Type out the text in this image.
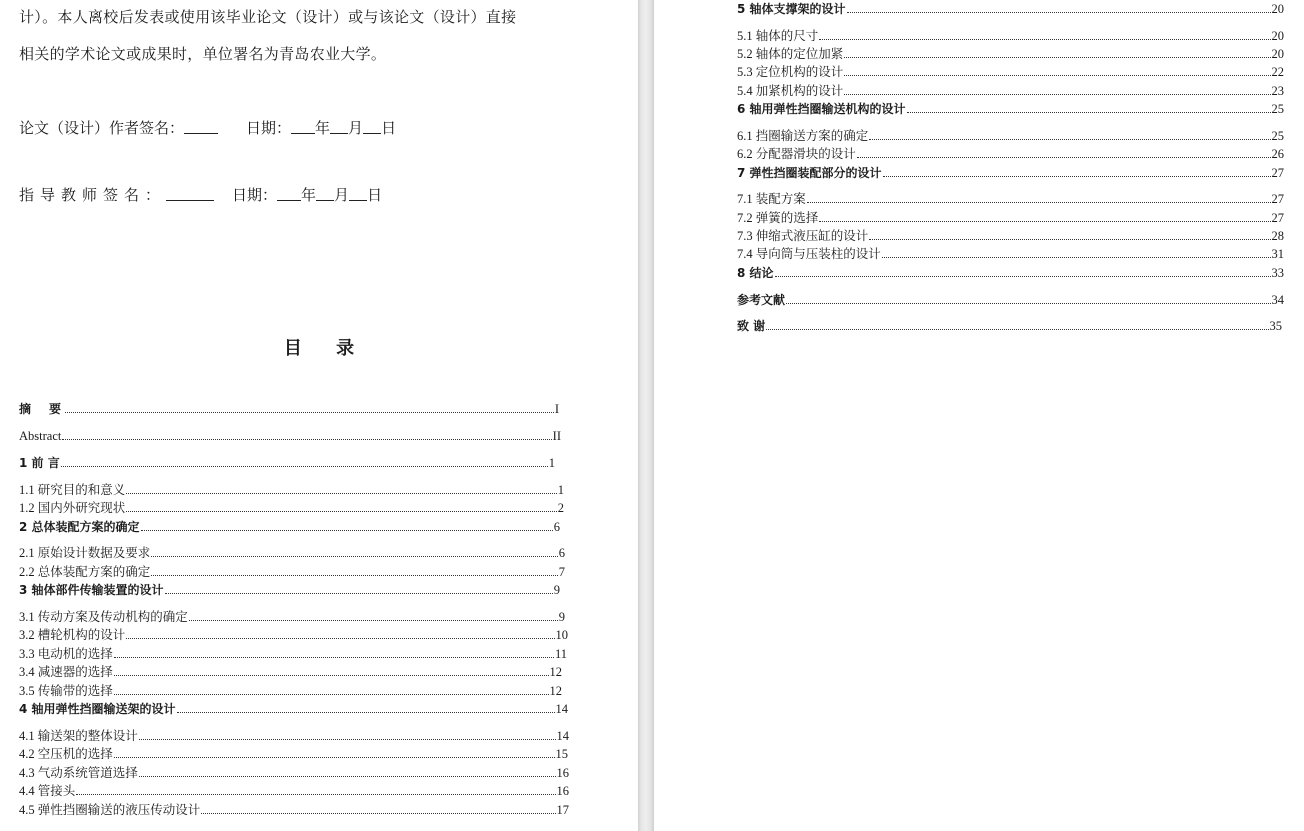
计）。本人离校后发表或使用该毕业论文（设计）或与该论文（设计）直接
相关的学术论文或成果时，单位署名为青岛农业大学。
论文（设计）作者签名：	日期： 年 月 日
指导教师签名：	日期： 年 月 日
目 录
摘　要	I
Abstract	II
1 前 言	1
1.1 研究目的和意义	1
1.2 国内外研究现状	2
2 总体装配方案的确定	6
2.1 原始设计数据及要求	6
2.2 总体装配方案的确定	7
3 轴体部件传输装置的设计	9
3.1 传动方案及传动机构的确定	9
3.2 槽轮机构的设计	10
3.3 电动机的选择	11
3.4 减速器的选择	12
3.5 传输带的选择	12
4 轴用弹性挡圈输送架的设计	14
4.1 输送架的整体设计	14
4.2 空压机的选择	15
4.3 气动系统管道选择	16
4.4 管接头	16
4.5 弹性挡圈输送的液压传动设计	17
5 轴体支撑架的设计	20
5.1 轴体的尺寸	20
5.2 轴体的定位加紧	20
5.3 定位机构的设计	22
5.4 加紧机构的设计	23
6 轴用弹性挡圈输送机构的设计	25
6.1 挡圈输送方案的确定	25
6.2 分配器滑块的设计	26
7 弹性挡圈装配部分的设计	27
7.1 装配方案	27
7.2 弹簧的选择	27
7.3 伸缩式液压缸的设计	28
7.4 导向筒与压装柱的设计	31
8 结论	33
参考文献	34
致 谢	35
